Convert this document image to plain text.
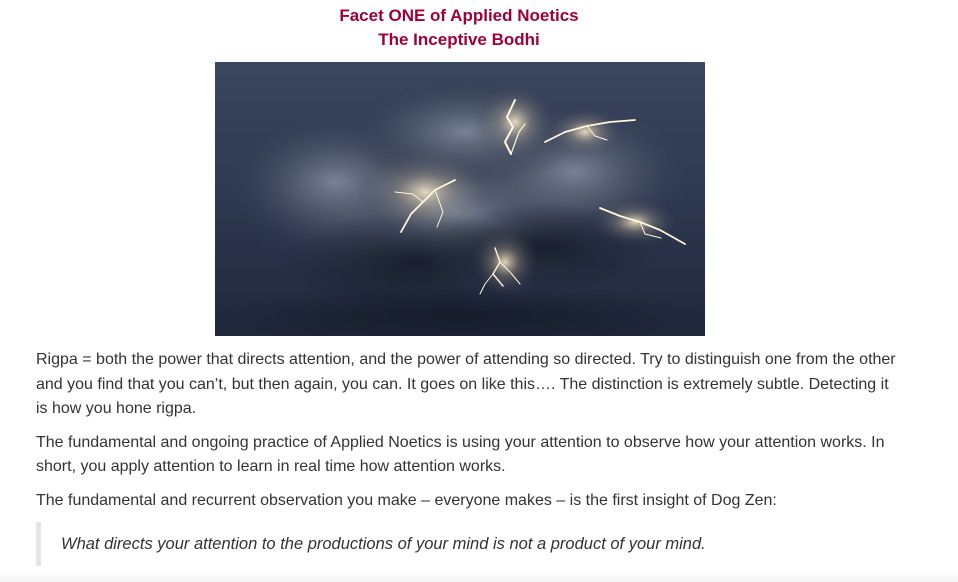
Facet ONE of Applied Noetics
The Inceptive Bodhi

Rigpa = both the power that directs attention, and the power of attending so directed. Try to distinguish one from the other and you find that you can’t, but then again, you can. It goes on like this…. The distinction is extremely subtle. Detecting it is how you hone rigpa.

The fundamental and ongoing practice of Applied Noetics is using your attention to observe how your attention works. In short, you apply attention to learn in real time how attention works.

The fundamental and recurrent observation you make – everyone makes – is the first insight of Dog Zen:

What directs your attention to the productions of your mind is not a product of your mind.
